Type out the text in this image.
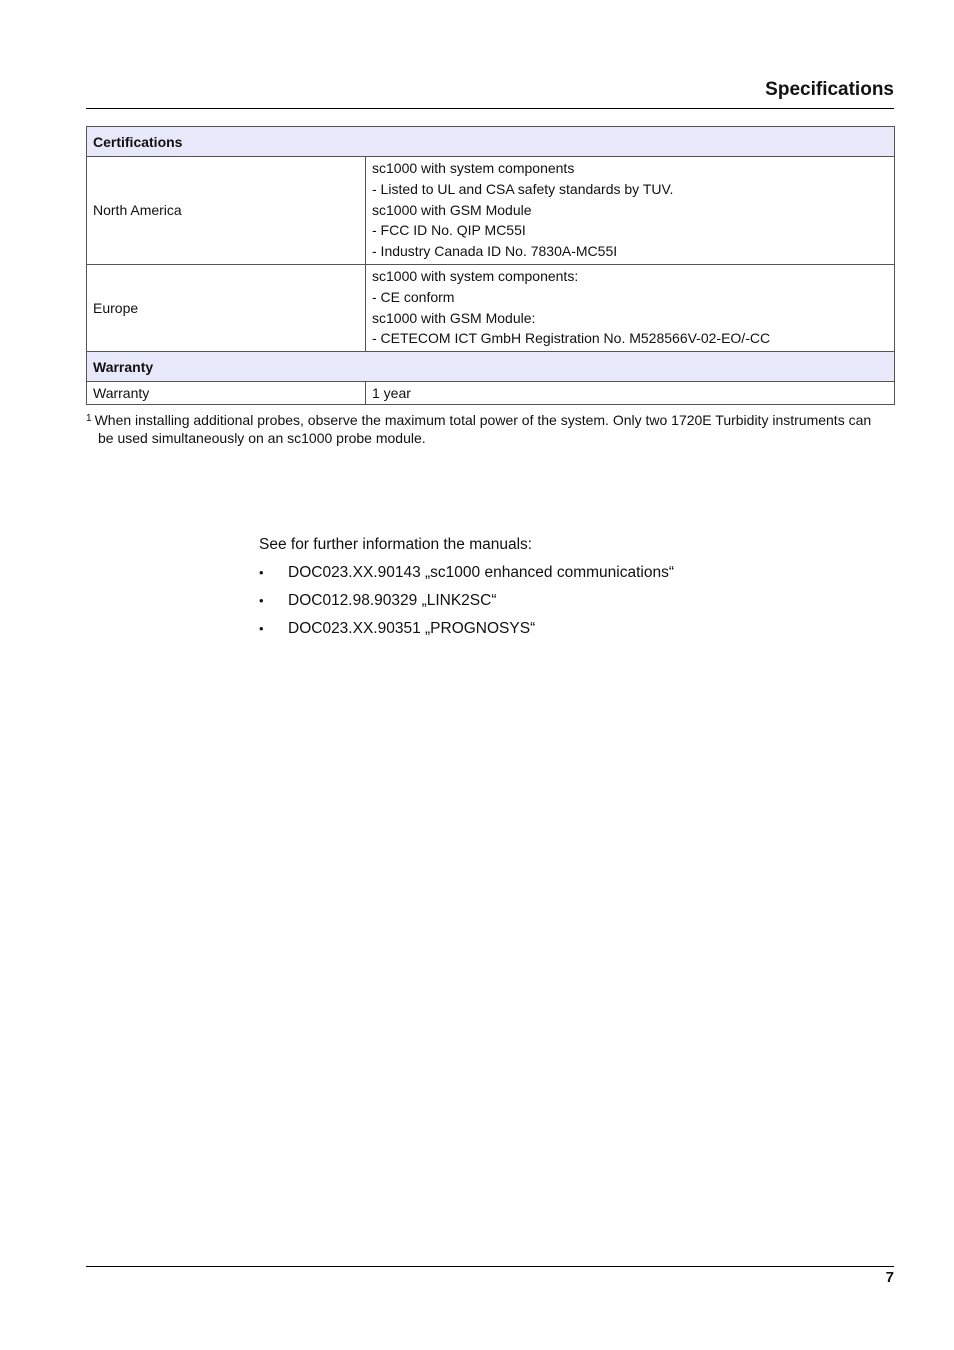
Specifications
Certifications	
North America	sc1000 with system components
- Listed to UL and CSA safety standards by TUV.
sc1000 with GSM Module
- FCC ID No. QIP MC55I
- Industry Canada ID No. 7830A-MC55I

Europe	sc1000 with system components:
- CE conform
sc1000 with GSM Module:
- CETECOM ICT GmbH Registration No. M528566V-02-EO/-CC

Warranty	
Warranty	1 year
$^1$ When installing additional probes, observe the maximum total power of the system. Only two 1720E Turbidity instruments can
be used simultaneously on an sc1000 probe module.
See for further information the manuals:
• DOC023.XX.90143 „sc1000 enhanced communications“
• DOC012.98.90329 „LINK2SC“
• DOC023.XX.90351 „PROGNOSYS“
7
